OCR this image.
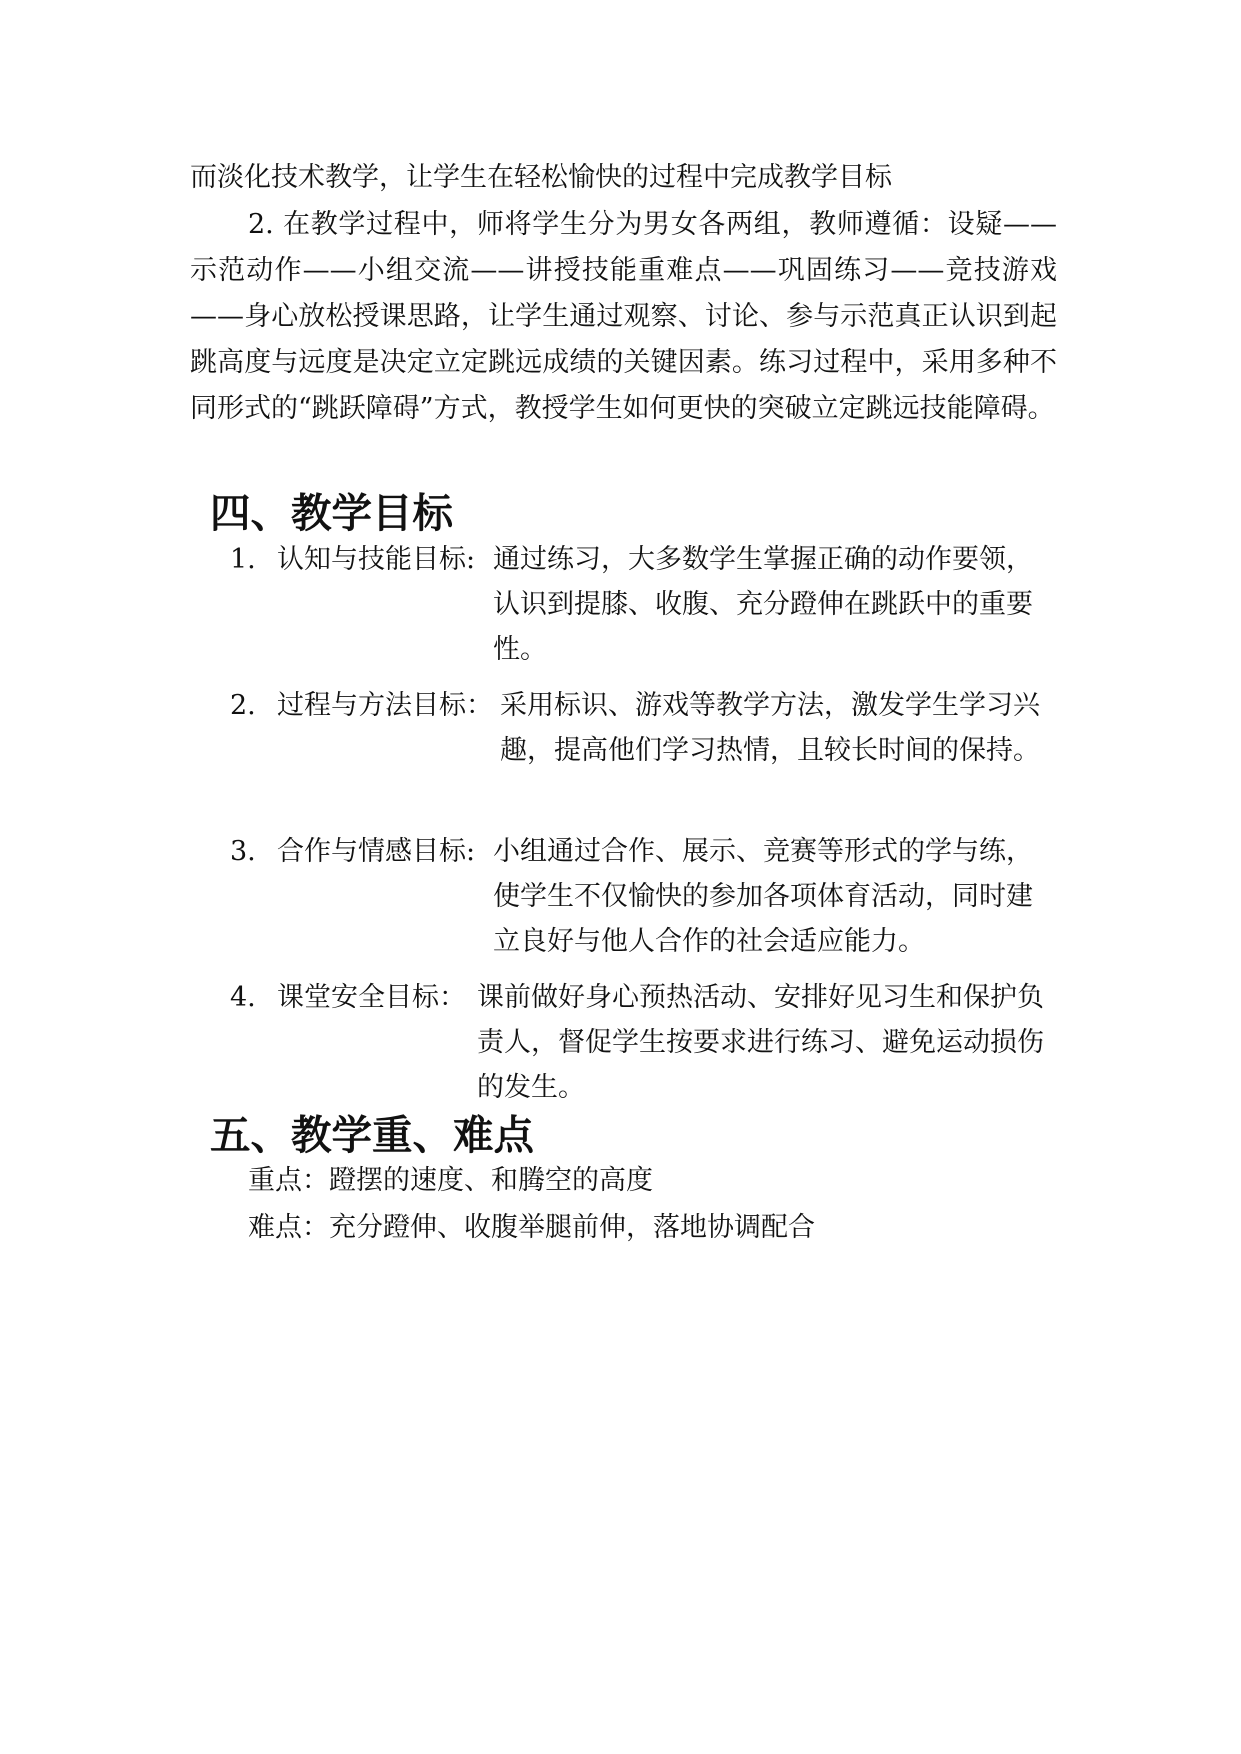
而淡化技术教学，让学生在轻松愉快的过程中完成教学目标

2. 在教学过程中，师将学生分为男女各两组，教师遵循：设疑——示范动作——小组交流——讲授技能重难点——巩固练习——竞技游戏——身心放松授课思路，让学生通过观察、讨论、参与示范真正认识到起跳高度与远度是决定立定跳远成绩的关键因素。练习过程中，采用多种不同形式的“跳跃障碍”方式，教授学生如何更快的突破立定跳远技能障碍。

四、教学目标
1. 认知与技能目标: 通过练习，大多数学生掌握正确的动作要领，认识到提膝、收腹、充分蹬伸在跳跃中的重要性。
2. 过程与方法目标： 采用标识、游戏等教学方法，激发学生学习兴趣，提高他们学习热情，且较长时间的保持。
3. 合作与情感目标: 小组通过合作、展示、竞赛等形式的学与练，使学生不仅愉快的参加各项体育活动，同时建立良好与他人合作的社会适应能力。
4. 课堂安全目标： 课前做好身心预热活动、安排好见习生和保护负责人，督促学生按要求进行练习、避免运动损伤的发生。
五、教学重、难点
重点：蹬摆的速度、和腾空的高度
难点：充分蹬伸、收腹举腿前伸，落地协调配合
